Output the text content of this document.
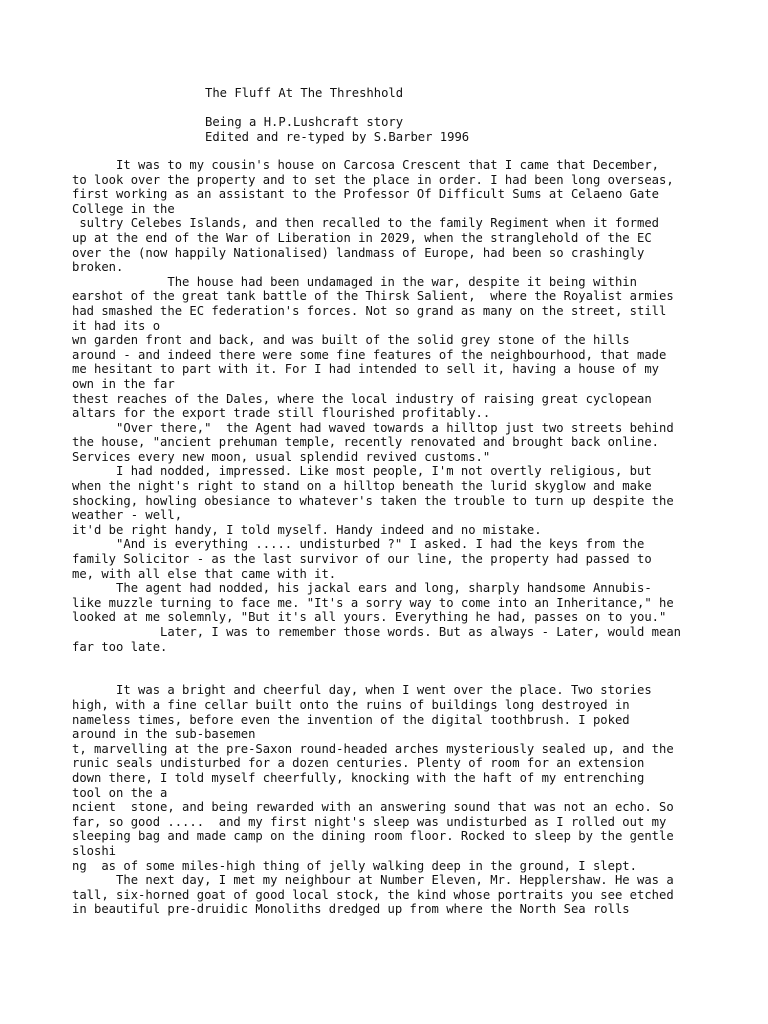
The Fluff At The Threshhold

Being a H.P.Lushcraft story

Edited and re-typed by S.Barber 1996

It was to my cousin's house on Carcosa Crescent that I came that December,
to look over the property and to set the place in order. I had been long overseas,
first working as an assistant to the Professor Of Difficult Sums at Celaeno Gate
College in the
sultry Celebes Islands, and then recalled to the family Regiment when it formed
up at the end of the War of Liberation in 2029, when the stranglehold of the EC
over the (now happily Nationalised) landmass of Europe, had been so crashingly
broken.
The house had been undamaged in the war, despite it being within
earshot of the great tank battle of the Thirsk Salient,  where the Royalist armies
had smashed the EC federation's forces. Not so grand as many on the street, still
it had its o
wn garden front and back, and was built of the solid grey stone of the hills
around - and indeed there were some fine features of the neighbourhood, that made
me hesitant to part with it. For I had intended to sell it, having a house of my
own in the far
thest reaches of the Dales, where the local industry of raising great cyclopean
altars for the export trade still flourished profitably..
"Over there,"  the Agent had waved towards a hilltop just two streets behind
the house, "ancient prehuman temple, recently renovated and brought back online.
Services every new moon, usual splendid revived customs."
I had nodded, impressed. Like most people, I'm not overtly religious, but
when the night's right to stand on a hilltop beneath the lurid skyglow and make
shocking, howling obesiance to whatever's taken the trouble to turn up despite the
weather - well,
it'd be right handy, I told myself. Handy indeed and no mistake.
"And is everything ..... undisturbed ?" I asked. I had the keys from the
family Solicitor - as the last survivor of our line, the property had passed to
me, with all else that came with it.
The agent had nodded, his jackal ears and long, sharply handsome Annubis-
like muzzle turning to face me. "It's a sorry way to come into an Inheritance," he
looked at me solemnly, "But it's all yours. Everything he had, passes on to you."
Later, I was to remember those words. But as always - Later, would mean
far too late.
It was a bright and cheerful day, when I went over the place. Two stories
high, with a fine cellar built onto the ruins of buildings long destroyed in
nameless times, before even the invention of the digital toothbrush. I poked
around in the sub-basemen
t, marvelling at the pre-Saxon round-headed arches mysteriously sealed up, and the
runic seals undisturbed for a dozen centuries. Plenty of room for an extension
down there, I told myself cheerfully, knocking with the haft of my entrenching
tool on the a
ncient  stone, and being rewarded with an answering sound that was not an echo. So
far, so good .....  and my first night's sleep was undisturbed as I rolled out my
sleeping bag and made camp on the dining room floor. Rocked to sleep by the gentle
sloshi
ng  as of some miles-high thing of jelly walking deep in the ground, I slept.
The next day, I met my neighbour at Number Eleven, Mr. Hepplershaw. He was a
tall, six-horned goat of good local stock, the kind whose portraits you see etched
in beautiful pre-druidic Monoliths dredged up from where the North Sea rolls
